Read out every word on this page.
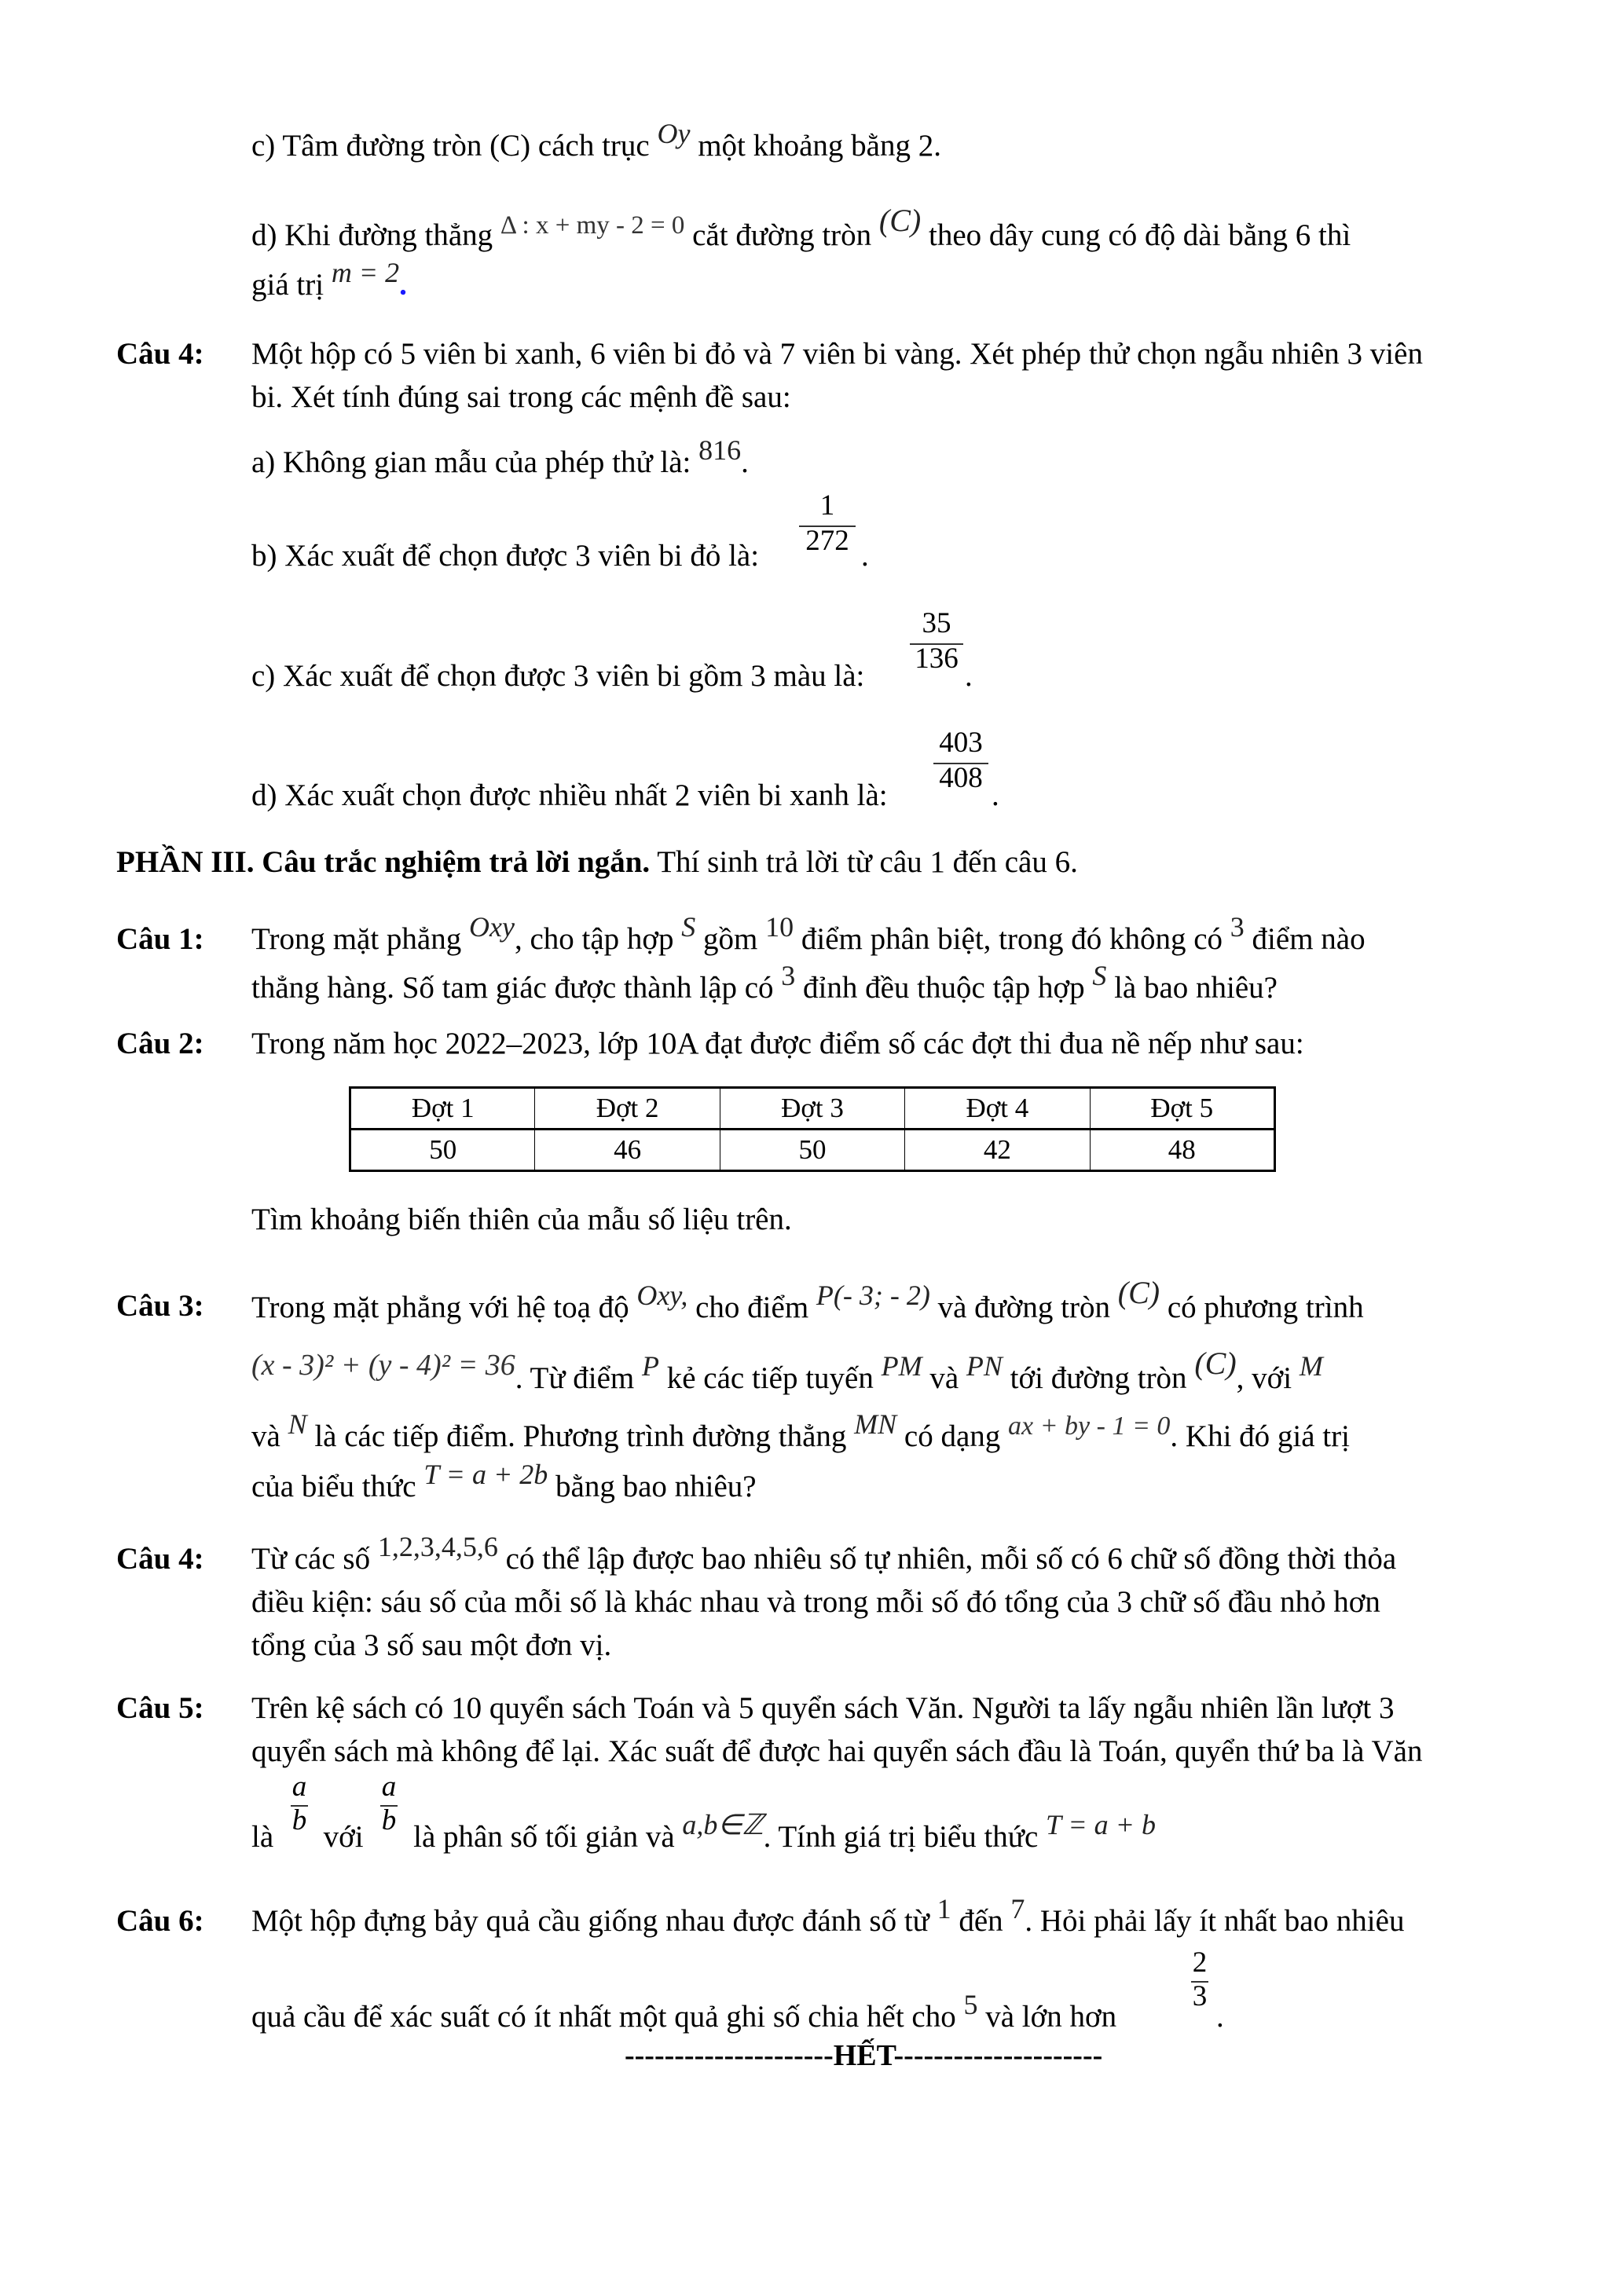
c) Tâm đường tròn (C) cách trục Oy một khoảng bằng 2.
d) Khi đường thẳng $^{\Delta : x + my - 2 = 0}$ cắt đường tròn (C) theo dây cung có độ dài bằng 6 thì
giá trị m = 2.
Câu 4: Một hộp có 5 viên bi xanh, 6 viên bi đỏ và 7 viên bi vàng. Xét phép thử chọn ngẫu nhiên 3 viên
bi. Xét tính đúng sai trong các mệnh đề sau:
a) Không gian mẫu của phép thử là: 816.
b) Xác xuất để chọn được 3 viên bi đỏ là:
1
272 .
c) Xác xuất để chọn được 3 viên bi gồm 3 màu là:
35
136
.
d) Xác xuất chọn được nhiều nhất 2 viên bi xanh là:
403
408
.
PHẦN III. Câu trắc nghiệm trả lời ngắn. Thí sinh trả lời từ câu 1 đến câu 6.
Câu 1: Trong mặt phẳng Oxy, cho tập hợp S gồm 10 điểm phân biệt, trong đó không có 3 điểm nào
thẳng hàng. Số tam giác được thành lập có 3 đỉnh đều thuộc tập hợp S là bao nhiêu?
Câu 2: Trong năm học 2022–2023, lớp 10A đạt được điểm số các đợt thi đua nề nếp như sau:
Đợt 1	Đợt 2	Đợt 3	Đợt 4	Đợt 5
50	46	50	42	48
Tìm khoảng biến thiên của mẫu số liệu trên.
Câu 3: Trong mặt phẳng với hệ toạ độ Oxy, cho điểm P(- 3; - 2) và đường tròn (C) có phương trình
(x - 3)² + (y - 4)² = 36. Từ điểm P kẻ các tiếp tuyến PM và PN tới đường tròn (C), với M
và N là các tiếp điểm. Phương trình đường thẳng MN có dạng ax + by - 1 = 0. Khi đó giá trị
của biểu thức T = a + 2b bằng bao nhiêu?
Câu 4: Từ các số 1,2,3,4,5,6 có thể lập được bao nhiêu số tự nhiên, mỗi số có 6 chữ số đồng thời thỏa
điều kiện: sáu số của mỗi số là khác nhau và trong mỗi số đó tổng của 3 chữ số đầu nhỏ hơn
tổng của 3 số sau một đơn vị.
Câu 5: Trên kệ sách có 10 quyển sách Toán và 5 quyển sách Văn. Người ta lấy ngẫu nhiên lần lượt 3
quyển sách mà không để lại. Xác suất để được hai quyển sách đầu là Toán, quyển thứ ba là Văn
là với là phân số tối giản và a,b∈ℤ. Tính giá trị biểu thức T = a + b
a
b
a
b
Câu 6: Một hộp đựng bảy quả cầu giống nhau được đánh số từ 1 đến 7. Hỏi phải lấy ít nhất bao nhiêu
quả cầu để xác suất có ít nhất một quả ghi số chia hết cho 5 và lớn hơn
2
3
.
---------------------HẾT---------------------
